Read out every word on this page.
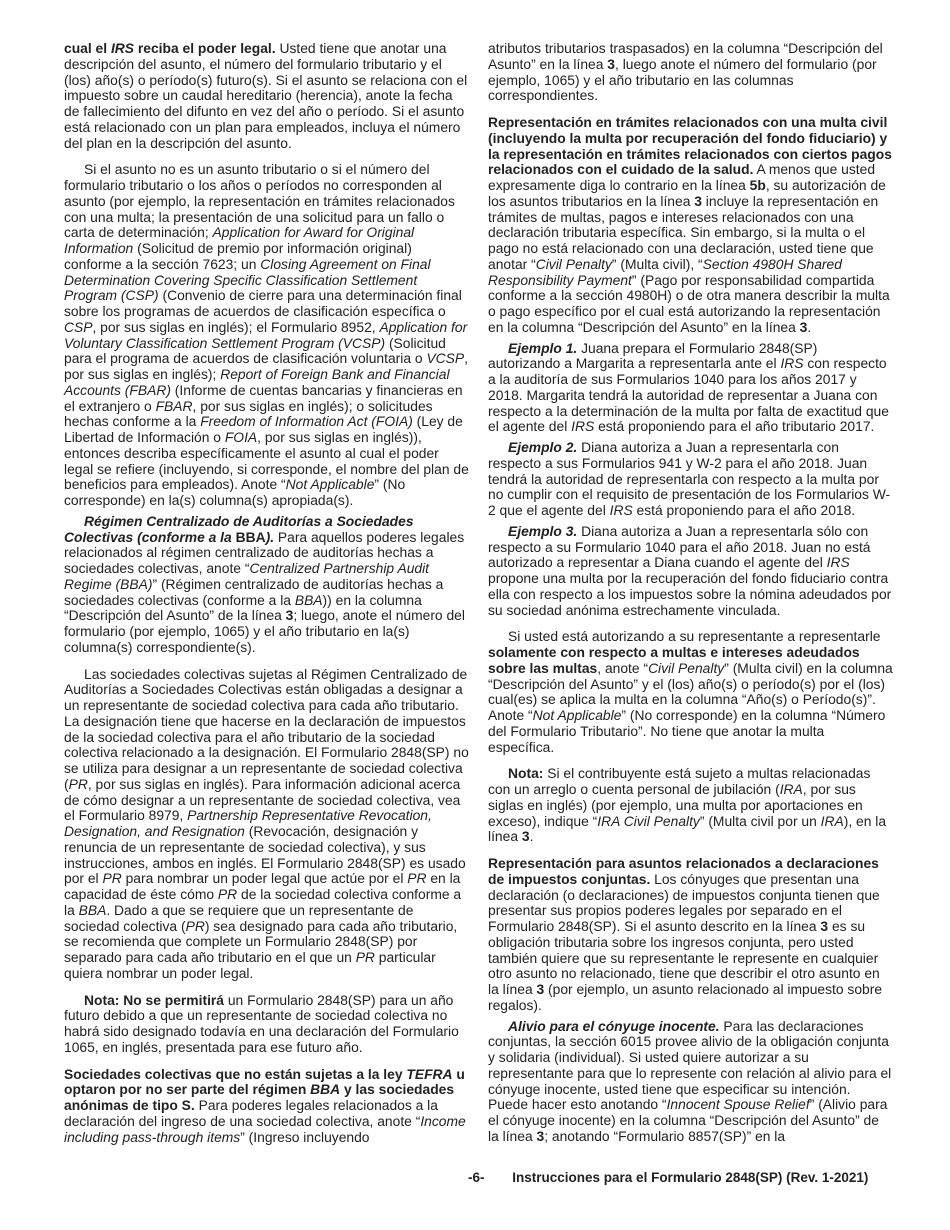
cual el IRS reciba el poder legal. Usted tiene que anotar una descripción del asunto, el número del formulario tributario y el (los) año(s) o período(s) futuro(s). Si el asunto se relaciona con el impuesto sobre un caudal hereditario (herencia), anote la fecha de fallecimiento del difunto en vez del año o período. Si el asunto está relacionado con un plan para empleados, incluya el número del plan en la descripción del asunto.

Si el asunto no es un asunto tributario o si el número del formulario tributario o los años o períodos no corresponden al asunto (por ejemplo, la representación en trámites relacionados con una multa; la presentación de una solicitud para un fallo o carta de determinación; Application for Award for Original Information (Solicitud de premio por información original) conforme a la sección 7623; un Closing Agreement on Final Determination Covering Specific Classification Settlement Program (CSP) (Convenio de cierre para una determinación final sobre los programas de acuerdos de clasificación específica o CSP, por sus siglas en inglés); el Formulario 8952, Application for Voluntary Classification Settlement Program (VCSP) (Solicitud para el programa de acuerdos de clasificación voluntaria o VCSP, por sus siglas en inglés); Report of Foreign Bank and Financial Accounts (FBAR) (Informe de cuentas bancarias y financieras en el extranjero o FBAR, por sus siglas en inglés); o solicitudes hechas conforme a la Freedom of Information Act (FOIA) (Ley de Libertad de Información o FOIA, por sus siglas en inglés)), entonces describa específicamente el asunto al cual el poder legal se refiere (incluyendo, si corresponde, el nombre del plan de beneficios para empleados). Anote “Not Applicable” (No corresponde) en la(s) columna(s) apropiada(s).

Régimen Centralizado de Auditorías a Sociedades Colectivas (conforme a la BBA). Para aquellos poderes legales relacionados al régimen centralizado de auditorías hechas a sociedades colectivas, anote “Centralized Partnership Audit Regime (BBA)” (Régimen centralizado de auditorías hechas a sociedades colectivas (conforme a la BBA)) en la columna “Descripción del Asunto” de la línea 3; luego, anote el número del formulario (por ejemplo, 1065) y el año tributario en la(s) columna(s) correspondiente(s).

Las sociedades colectivas sujetas al Régimen Centralizado de Auditorías a Sociedades Colectivas están obligadas a designar a un representante de sociedad colectiva para cada año tributario. La designación tiene que hacerse en la declaración de impuestos de la sociedad colectiva para el año tributario de la sociedad colectiva relacionado a la designación. El Formulario 2848(SP) no se utiliza para designar a un representante de sociedad colectiva (PR, por sus siglas en inglés). Para información adicional acerca de cómo designar a un representante de sociedad colectiva, vea el Formulario 8979, Partnership Representative Revocation, Designation, and Resignation (Revocación, designación y renuncia de un representante de sociedad colectiva), y sus instrucciones, ambos en inglés. El Formulario 2848(SP) es usado por el PR para nombrar un poder legal que actúe por el PR en la capacidad de éste cómo PR de la sociedad colectiva conforme a la BBA. Dado a que se requiere que un representante de sociedad colectiva (PR) sea designado para cada año tributario, se recomienda que complete un Formulario 2848(SP) por separado para cada año tributario en el que un PR particular quiera nombrar un poder legal.

Nota: No se permitirá un Formulario 2848(SP) para un año futuro debido a que un representante de sociedad colectiva no habrá sido designado todavía en una declaración del Formulario 1065, en inglés, presentada para ese futuro año.

Sociedades colectivas que no están sujetas a la ley TEFRA u optaron por no ser parte del régimen BBA y las sociedades anónimas de tipo S. Para poderes legales relacionados a la declaración del ingreso de una sociedad colectiva, anote “Income including pass-through items” (Ingreso incluyendo

atributos tributarios traspasados) en la columna “Descripción del Asunto” en la línea 3, luego anote el número del formulario (por ejemplo, 1065) y el año tributario en las columnas correspondientes.

Representación en trámites relacionados con una multa civil (incluyendo la multa por recuperación del fondo fiduciario) y la representación en trámites relacionados con ciertos pagos relacionados con el cuidado de la salud. A menos que usted expresamente diga lo contrario en la línea 5b, su autorización de los asuntos tributarios en la línea 3 incluye la representación en trámites de multas, pagos e intereses relacionados con una declaración tributaria específica. Sin embargo, si la multa o el pago no está relacionado con una declaración, usted tiene que anotar “Civil Penalty” (Multa civil), “Section 4980H Shared Responsibility Payment” (Pago por responsabilidad compartida conforme a la sección 4980H) o de otra manera describir la multa o pago específico por el cual está autorizando la representación en la columna “Descripción del Asunto” en la línea 3.

Ejemplo 1. Juana prepara el Formulario 2848(SP) autorizando a Margarita a representarla ante el IRS con respecto a la auditoría de sus Formularios 1040 para los años 2017 y 2018. Margarita tendrá la autoridad de representar a Juana con respecto a la determinación de la multa por falta de exactitud que el agente del IRS está proponiendo para el año tributario 2017.

Ejemplo 2. Diana autoriza a Juan a representarla con respecto a sus Formularios 941 y W-2 para el año 2018. Juan tendrá la autoridad de representarla con respecto a la multa por no cumplir con el requisito de presentación de los Formularios W-2 que el agente del IRS está proponiendo para el año 2018.

Ejemplo 3. Diana autoriza a Juan a representarla sólo con respecto a su Formulario 1040 para el año 2018. Juan no está autorizado a representar a Diana cuando el agente del IRS propone una multa por la recuperación del fondo fiduciario contra ella con respecto a los impuestos sobre la nómina adeudados por su sociedad anónima estrechamente vinculada.

Si usted está autorizando a su representante a representarle solamente con respecto a multas e intereses adeudados sobre las multas, anote “Civil Penalty” (Multa civil) en la columna “Descripción del Asunto” y el (los) año(s) o período(s) por el (los) cual(es) se aplica la multa en la columna “Año(s) o Período(s)”. Anote “Not Applicable” (No corresponde) en la columna “Número del Formulario Tributario”. No tiene que anotar la multa específica.

Nota: Si el contribuyente está sujeto a multas relacionadas con un arreglo o cuenta personal de jubilación (IRA, por sus siglas en inglés) (por ejemplo, una multa por aportaciones en exceso), indique “IRA Civil Penalty” (Multa civil por un IRA), en la línea 3.

Representación para asuntos relacionados a declaraciones de impuestos conjuntas. Los cónyuges que presentan una declaración (o declaraciones) de impuestos conjunta tienen que presentar sus propios poderes legales por separado en el Formulario 2848(SP). Si el asunto descrito en la línea 3 es su obligación tributaria sobre los ingresos conjunta, pero usted también quiere que su representante le represente en cualquier otro asunto no relacionado, tiene que describir el otro asunto en la línea 3 (por ejemplo, un asunto relacionado al impuesto sobre regalos).

Alivio para el cónyuge inocente. Para las declaraciones conjuntas, la sección 6015 provee alivio de la obligación conjunta y solidaria (individual). Si usted quiere autorizar a su representante para que lo represente con relación al alivio para el cónyuge inocente, usted tiene que especificar su intención. Puede hacer esto anotando “Innocent Spouse Relief” (Alivio para el cónyuge inocente) en la columna “Descripción del Asunto” de la línea 3; anotando “Formulario 8857(SP)” en la

-6- Instrucciones para el Formulario 2848(SP) (Rev. 1-2021)
